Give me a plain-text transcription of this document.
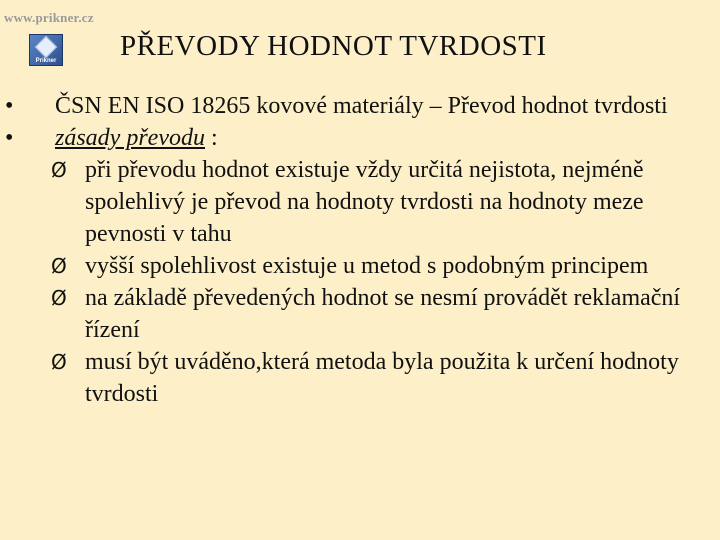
www.prikner.cz
Prikner PŘEVODY HODNOT TVRDOSTI
• ČSN EN ISO 18265 kovové materiály – Převod hodnot tvrdosti
• zásady převodu :
Ø při převodu hodnot existuje vždy určitá nejistota, nejméně spolehlivý je převod na hodnoty tvrdosti na hodnoty meze pevnosti v tahu
Ø vyšší spolehlivost existuje u metod s podobným principem
Ø na základě převedených hodnot se nesmí provádět reklamační řízení
Ø musí být uváděno,která metoda byla použita k určení hodnoty tvrdosti
